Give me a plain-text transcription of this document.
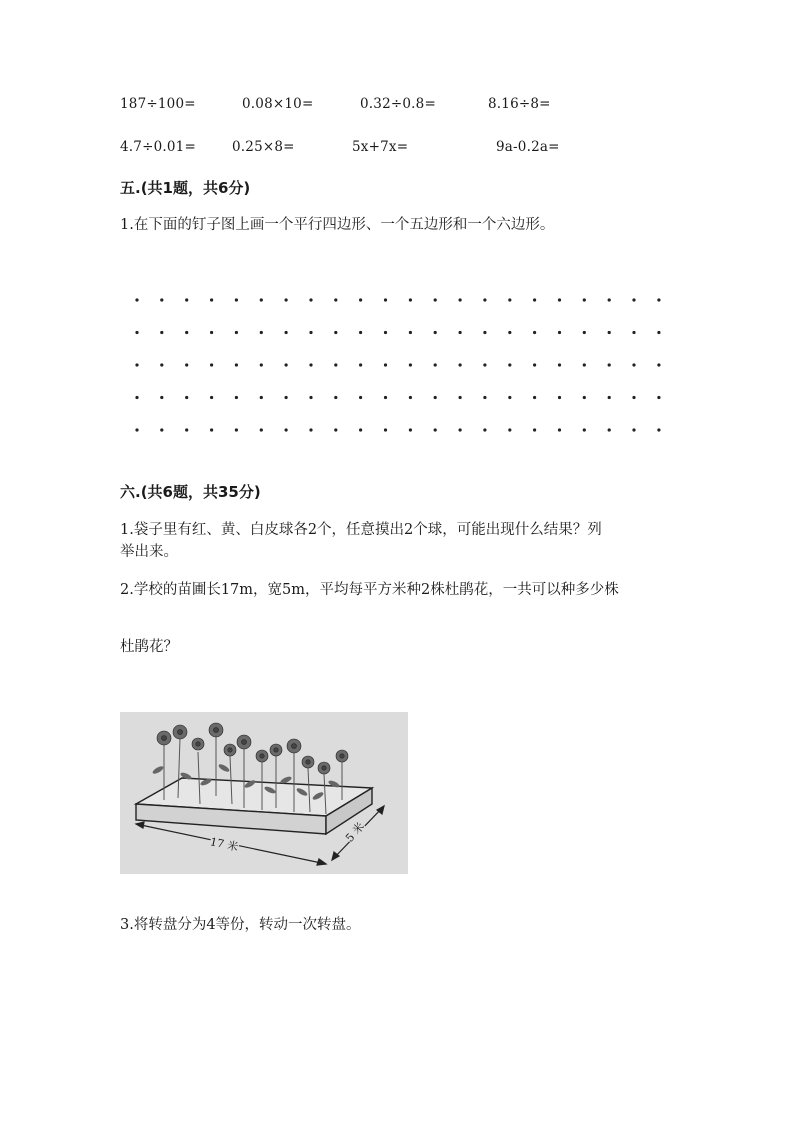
187÷100=	0.08×10=	0.32÷0.8=	8.16÷8=
4.7÷0.01=	0.25×8=	5x+7x=	9a-0.2a=
五.(共1题，共6分)
1.在下面的钉子图上画一个平行四边形、一个五边形和一个六边形。
六.(共6题，共35分)
1.袋子里有红、黄、白皮球各2个，任意摸出2个球，可能出现什么结果？列
举出来。
2.学校的苗圃长17m，宽5m，平均每平方米种2株杜鹃花，一共可以种多少株
杜鹃花？
17 米	5 米
3.将转盘分为4等份，转动一次转盘。
